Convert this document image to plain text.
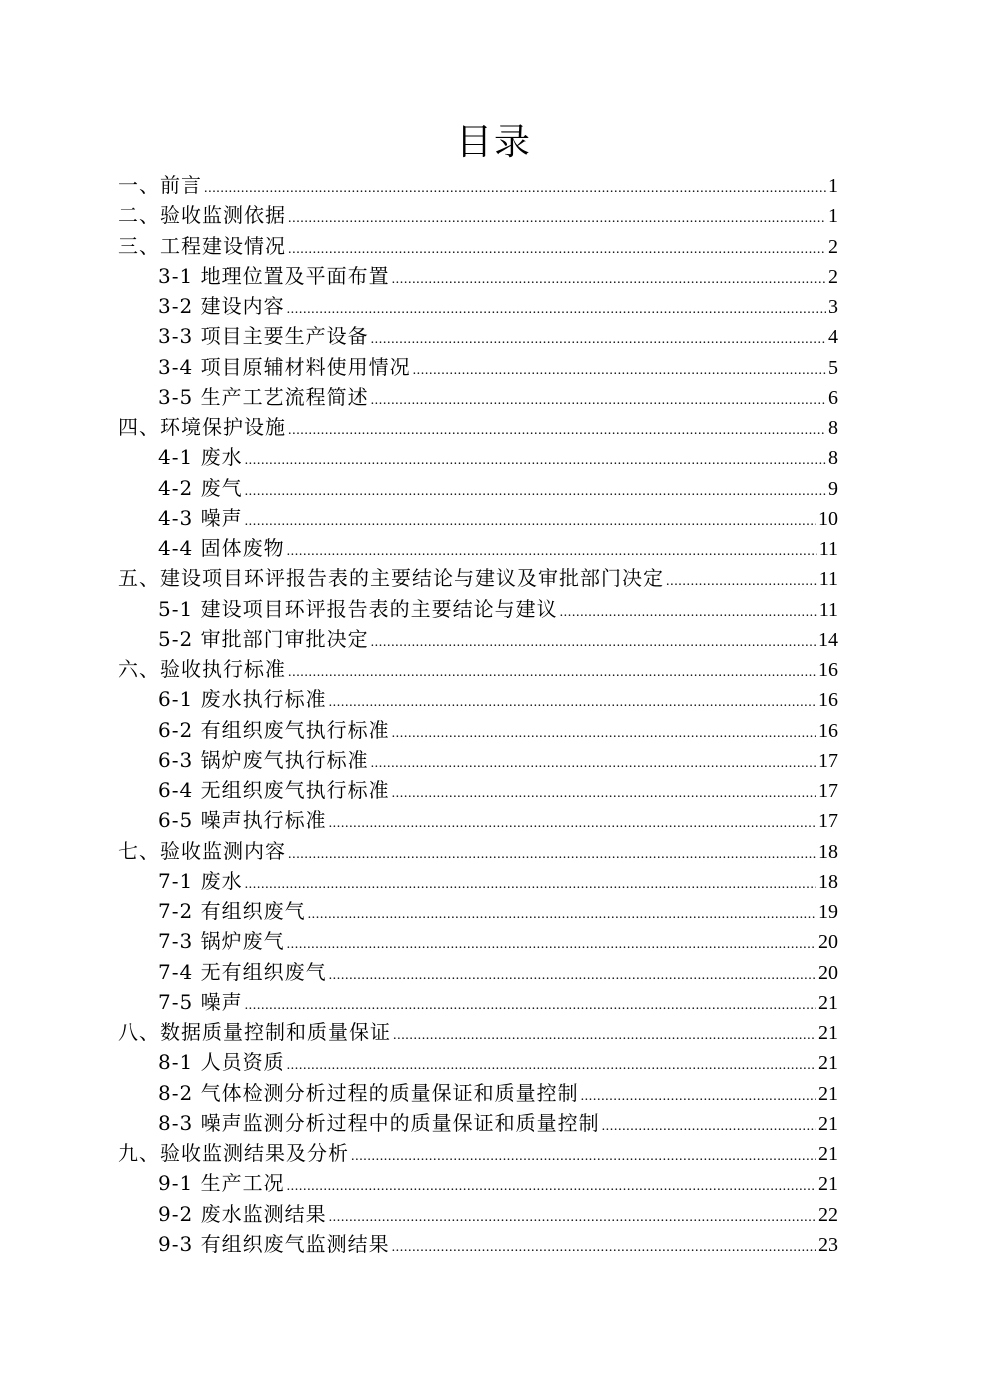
目录
一、前言 .....	1
二、验收监测依据 .....	1
三、工程建设情况 .....	2
3-1 地理位置及平面布置 .....	2
3-2 建设内容 .....	3
3-3 项目主要生产设备 .....	4
3-4 项目原辅材料使用情况 .....	5
3-5 生产工艺流程简述 .....	6
四、环境保护设施 .....	8
4-1 废水 .....	8
4-2 废气 .....	9
4-3 噪声 .....	10
4-4 固体废物 .....	11
五、建设项目环评报告表的主要结论与建议及审批部门决定 .....	11
5-1 建设项目环评报告表的主要结论与建议 .....	11
5-2 审批部门审批决定 .....	14
六、验收执行标准 .....	16
6-1 废水执行标准 .....	16
6-2 有组织废气执行标准 .....	16
6-3 锅炉废气执行标准 .....	17
6-4 无组织废气执行标准 .....	17
6-5 噪声执行标准 .....	17
七、验收监测内容 .....	18
7-1 废水 .....	18
7-2 有组织废气 .....	19
7-3 锅炉废气 .....	20
7-4 无有组织废气 .....	20
7-5 噪声 .....	21
八、数据质量控制和质量保证 .....	21
8-1 人员资质 .....	21
8-2 气体检测分析过程的质量保证和质量控制 .....	21
8-3 噪声监测分析过程中的质量保证和质量控制 .....	21
九、验收监测结果及分析 .....	21
9-1 生产工况 .....	21
9-2 废水监测结果 .....	22
9-3 有组织废气监测结果 .....	23
